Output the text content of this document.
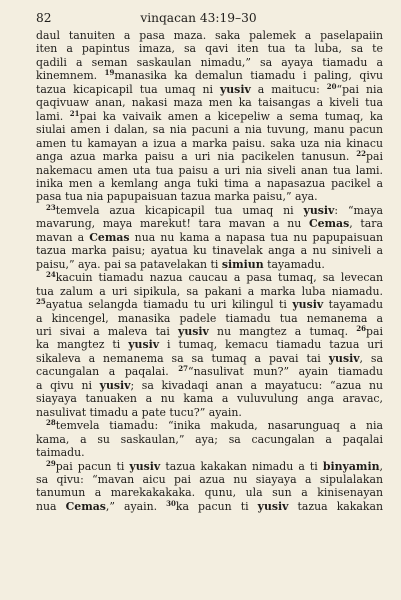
82	vinqacan 43:19–30
daul tanuiten a pasa maza. saka palemek a paselapaiin
iten a papintus imaza, sa qavi iten tua ta luba, sa te
qadili a seman saskaulan nimadu,” sa ayaya tiamadu a
kinemnem. $^{19}$manasika ka demalun tiamadu i paling, qivu
tazua kicapicapil tua umaq ni yusiv a maitucu: $^{20}$“pai nia
qaqivuaw anan, nakasi maza men ka taisangas a kiveli tua
lami. $^{21}$pai ka vaivaik amen a kicepeliw a sema tumaq, ka
siulai amen i dalan, sa nia pacuni a nia tuvung, manu pacun
amen tu kamayan a izua a marka paisu. saka uza nia kinacu
anga azua marka paisu a uri nia pacikelen tanusun. $^{22}$pai
nakemacu amen uta tua paisu a uri nia siveli anan tua lami.
inika men a kemlang anga tuki tima a napasazua pacikel a
pasa tua nia papupaisuan tazua marka paisu,” aya.
$^{23}$temvela azua kicapicapil tua umaq ni yusiv: “maya
mavarung, maya marekut! tara mavan a nu Cemas, tara
mavan a Cemas nua nu kama a napasa tua nu papupaisuan
tazua marka paisu; ayatua ku tinavelak anga a nu siniveli a
paisu,” aya. pai sa patavelakan ti simiun tayamadu.
$^{24}$kacuin tiamadu nazua caucau a pasa tumaq, sa levecan
tua zalum a uri sipikula, sa pakani a marka luba niamadu.
$^{25}$ayatua selangda tiamadu tu uri kilingul ti yusiv tayamadu
a kincengel, manasika padele tiamadu tua nemanema a
uri sivai a maleva tai yusiv nu mangtez a tumaq. $^{26}$pai
ka mangtez ti yusiv i tumaq, kemacu tiamadu tazua uri
sikaleva a nemanema sa sa tumaq a pavai tai yusiv, sa
cacungalan a paqalai. $^{27}$“nasulivat mun?” ayain tiamadu
a qivu ni yusiv; sa kivadaqi anan a mayatucu: “azua nu
siayaya tanuaken a nu kama a vuluvulung anga aravac,
nasulivat timadu a pate tucu?” ayain.
$^{28}$temvela tiamadu: “inika makuda, nasarunguaq a nia
kama, a su saskaulan,” aya; sa cacungalan a paqalai
taimadu.
$^{29}$pai pacun ti yusiv tazua kakakan nimadu a ti binyamin,
sa qivu: “mavan aicu pai azua nu siayaya a sipulalakan
tanumun a marekakakaka. qunu, ula sun a kinisenayan
nua Cemas,” ayain. $^{30}$ka pacun ti yusiv tazua kakakan
